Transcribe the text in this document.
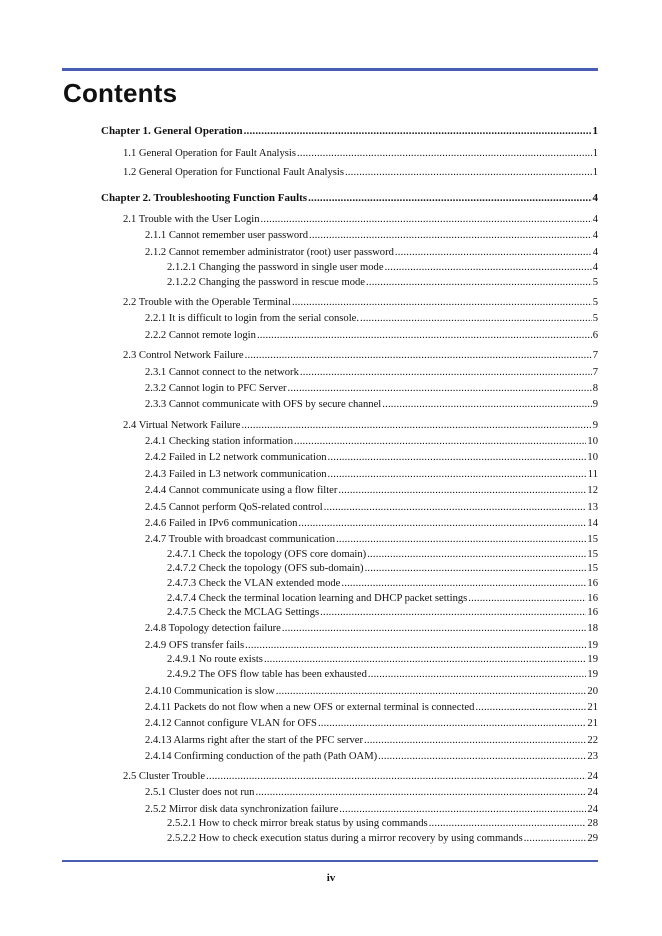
Contents
Chapter 1. General Operation .....	1
1.1 General Operation for Fault Analysis .....	1
1.2 General Operation for Functional Fault Analysis .....	1
Chapter 2. Troubleshooting Function Faults .....	4
2.1 Trouble with the User Login .....	4
2.1.1 Cannot remember user password .....	4
2.1.2 Cannot remember administrator (root) user password .....	4
2.1.2.1 Changing the password in single user mode .....	4
2.1.2.2 Changing the password in rescue mode .....	5
2.2 Trouble with the Operable Terminal .....	5
2.2.1 It is difficult to login from the serial console. .....	5
2.2.2 Cannot remote login .....	6
2.3 Control Network Failure .....	7
2.3.1 Cannot connect to the network .....	7
2.3.2 Cannot login to PFC Server .....	8
2.3.3 Cannot communicate with OFS by secure channel .....	9
2.4 Virtual Network Failure .....	9
2.4.1 Checking station information .....	10
2.4.2 Failed in L2 network communication .....	10
2.4.3 Failed in L3 network communication .....	11
2.4.4 Cannot communicate using a flow filter .....	12
2.4.5 Cannot perform QoS-related control .....	13
2.4.6 Failed in IPv6 communication .....	14
2.4.7 Trouble with broadcast communication .....	15
2.4.7.1 Check the topology (OFS core domain) .....	15
2.4.7.2 Check the topology (OFS sub-domain) .....	15
2.4.7.3 Check the VLAN extended mode .....	16
2.4.7.4 Check the terminal location learning and DHCP packet settings .....	16
2.4.7.5 Check the MCLAG Settings .....	16
2.4.8 Topology detection failure .....	18
2.4.9 OFS transfer fails .....	19
2.4.9.1 No route exists .....	19
2.4.9.2 The OFS flow table has been exhausted .....	19
2.4.10 Communication is slow .....	20
2.4.11 Packets do not flow when a new OFS or external terminal is connected .....	21
2.4.12 Cannot configure VLAN for OFS .....	21
2.4.13 Alarms right after the start of the PFC server .....	22
2.4.14 Confirming conduction of the path (Path OAM) .....	23
2.5 Cluster Trouble .....	24
2.5.1 Cluster does not run .....	24
2.5.2 Mirror disk data synchronization failure .....	24
2.5.2.1 How to check mirror break status by using commands .....	28
2.5.2.2 How to check execution status during a mirror recovery by using commands .....	29
iv
